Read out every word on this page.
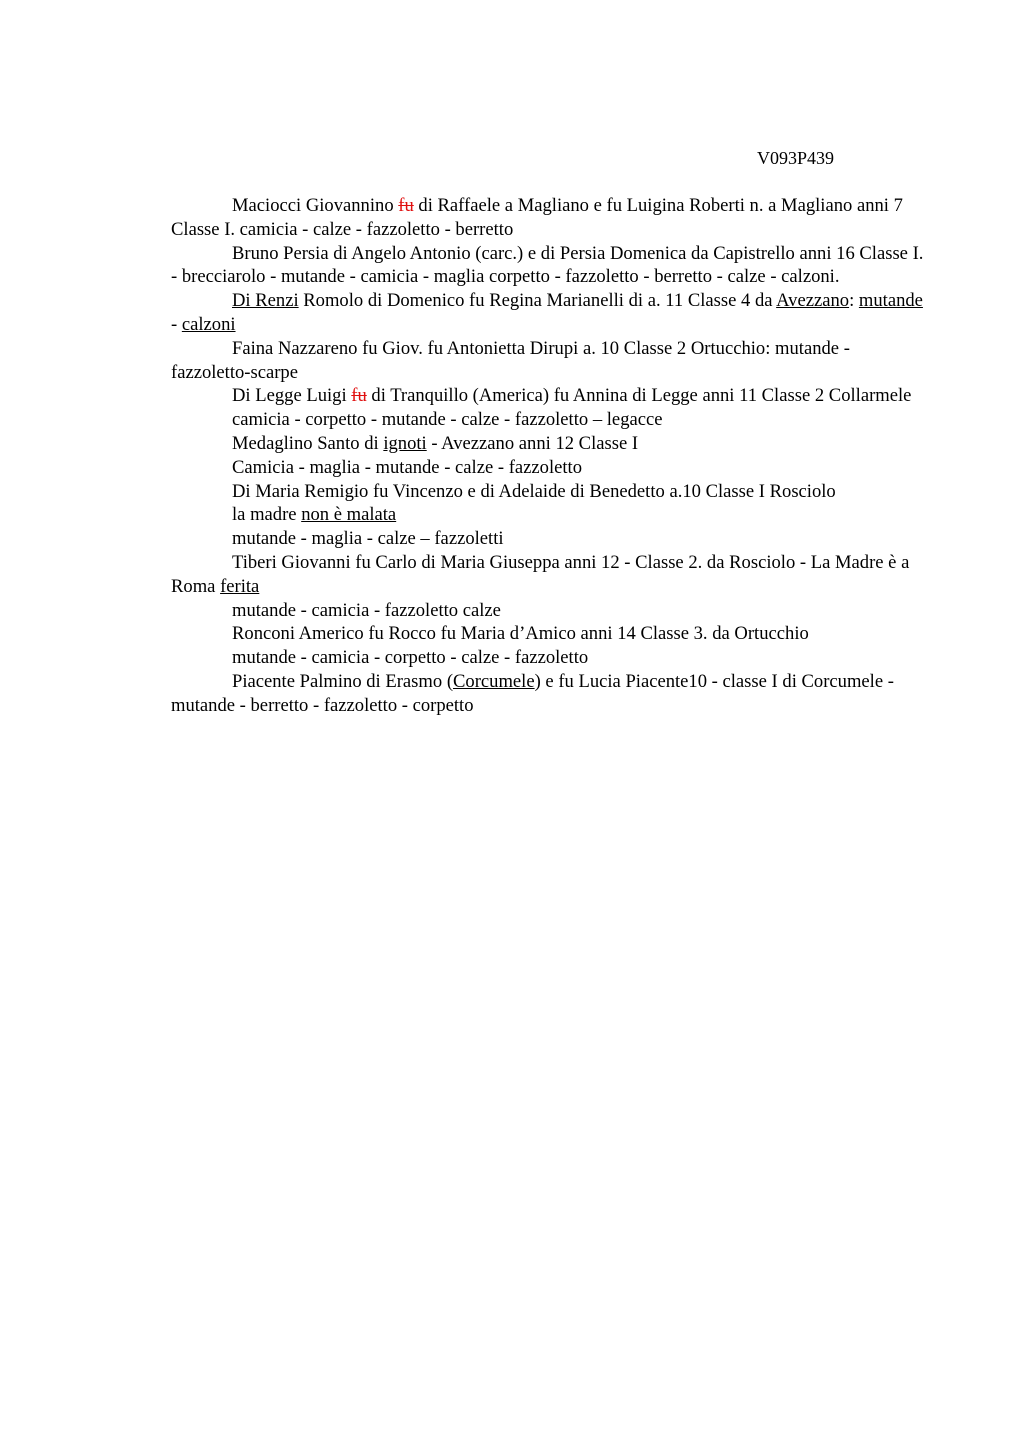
V093P439

Maciocci Giovannino fu di Raffaele a Magliano e fu Luigina Roberti n. a Magliano anni 7 Classe I. camicia - calze - fazzoletto - berretto

Bruno Persia di Angelo Antonio (carc.) e di Persia Domenica da Capistrello anni 16 Classe I. - brecciarolo - mutande - camicia - maglia corpetto - fazzoletto - berretto - calze - calzoni.

Di Renzi Romolo di Domenico fu Regina Marianelli di a. 11 Classe 4 da Avezzano: mutande - calzoni

Faina Nazzareno fu Giov. fu Antonietta Dirupi a. 10 Classe 2 Ortucchio: mutande - fazzoletto-scarpe

Di Legge Luigi fu di Tranquillo (America) fu Annina di Legge anni 11 Classe 2 Collarmele

camicia - corpetto - mutande - calze - fazzoletto – legacce

Medaglino Santo di ignoti - Avezzano anni 12 Classe I

Camicia - maglia - mutande - calze - fazzoletto

Di Maria Remigio fu Vincenzo e di Adelaide di Benedetto a.10 Classe I Rosciolo

la madre non è malata

mutande - maglia - calze – fazzoletti

Tiberi Giovanni fu Carlo di Maria Giuseppa anni 12 - Classe 2. da Rosciolo - La Madre è a Roma ferita

mutande - camicia - fazzoletto calze

Ronconi Americo fu Rocco fu Maria d’Amico anni 14 Classe 3. da Ortucchio

mutande - camicia - corpetto - calze - fazzoletto

Piacente Palmino di Erasmo (Corcumele) e fu Lucia Piacente10 - classe I di Corcumele - mutande - berretto - fazzoletto - corpetto
